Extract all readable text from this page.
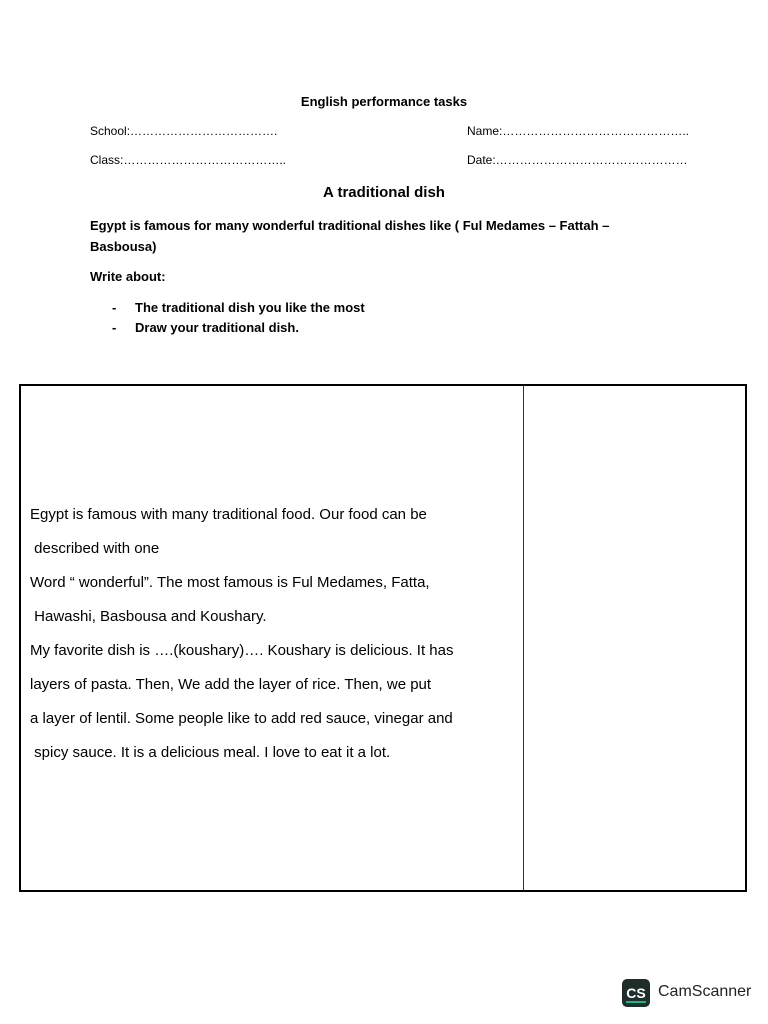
English performance tasks
School:……………………………….	Name:………………………………………..
Class:…………………………………..	Date:…………………………………………
A traditional dish
Egypt is famous for many wonderful traditional dishes like ( Ful Medames – Fattah –
Basbousa)
Write about:
- The traditional dish you like the most
- Draw your traditional dish.
Egypt is famous with many traditional food. Our food can be
described with one
Word “ wonderful”. The most famous is Ful Medames, Fatta,
Hawashi, Basbousa and Koushary.
My favorite dish is ….(koushary)…. Koushary is delicious. It has
layers of pasta. Then, We add the layer of rice. Then, we put
a layer of lentil. Some people like to add red sauce, vinegar and
spicy sauce. It is a delicious meal. I love to eat it a lot.
CS CamScanner
